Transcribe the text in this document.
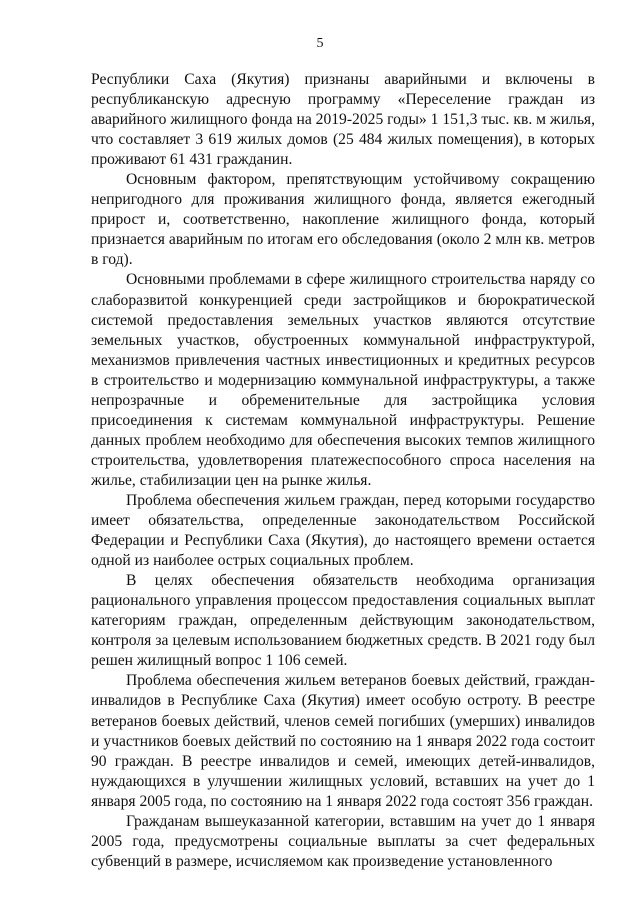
5

Республики Саха (Якутия) признаны аварийными и включены в республиканскую адресную программу «Переселение граждан из аварийного жилищного фонда на 2019-2025 годы» 1 151,3 тыс. кв. м жилья, что составляет 3 619 жилых домов (25 484 жилых помещения), в которых проживают 61 431 гражданин.

Основным фактором, препятствующим устойчивому сокращению непригодного для проживания жилищного фонда, является ежегодный прирост и, соответственно, накопление жилищного фонда, который признается аварийным по итогам его обследования (около 2 млн кв. метров в год).

Основными проблемами в сфере жилищного строительства наряду со слаборазвитой конкуренцией среди застройщиков и бюрократической системой предоставления земельных участков являются отсутствие земельных участков, обустроенных коммунальной инфраструктурой, механизмов привлечения частных инвестиционных и кредитных ресурсов в строительство и модернизацию коммунальной инфраструктуры, а также непрозрачные и обременительные для застройщика условия присоединения к системам коммунальной инфраструктуры. Решение данных проблем необходимо для обеспечения высоких темпов жилищного строительства, удовлетворения платежеспособного спроса населения на жилье, стабилизации цен на рынке жилья.

Проблема обеспечения жильем граждан, перед которыми государство имеет обязательства, определенные законодательством Российской Федерации и Республики Саха (Якутия), до настоящего времени остается одной из наиболее острых социальных проблем.

В целях обеспечения обязательств необходима организация рационального управления процессом предоставления социальных выплат категориям граждан, определенным действующим законодательством, контроля за целевым использованием бюджетных средств. В 2021 году был решен жилищный вопрос 1 106 семей.

Проблема обеспечения жильем ветеранов боевых действий, граждан-инвалидов в Республике Саха (Якутия) имеет особую остроту. В реестре ветеранов боевых действий, членов семей погибших (умерших) инвалидов и участников боевых действий по состоянию на 1 января 2022 года состоит 90 граждан. В реестре инвалидов и семей, имеющих детей-инвалидов, нуждающихся в улучшении жилищных условий, вставших на учет до 1 января 2005 года, по состоянию на 1 января 2022 года состоят 356 граждан.

Гражданам вышеуказанной категории, вставшим на учет до 1 января 2005 года, предусмотрены социальные выплаты за счет федеральных субвенций в размере, исчисляемом как произведение установленного
